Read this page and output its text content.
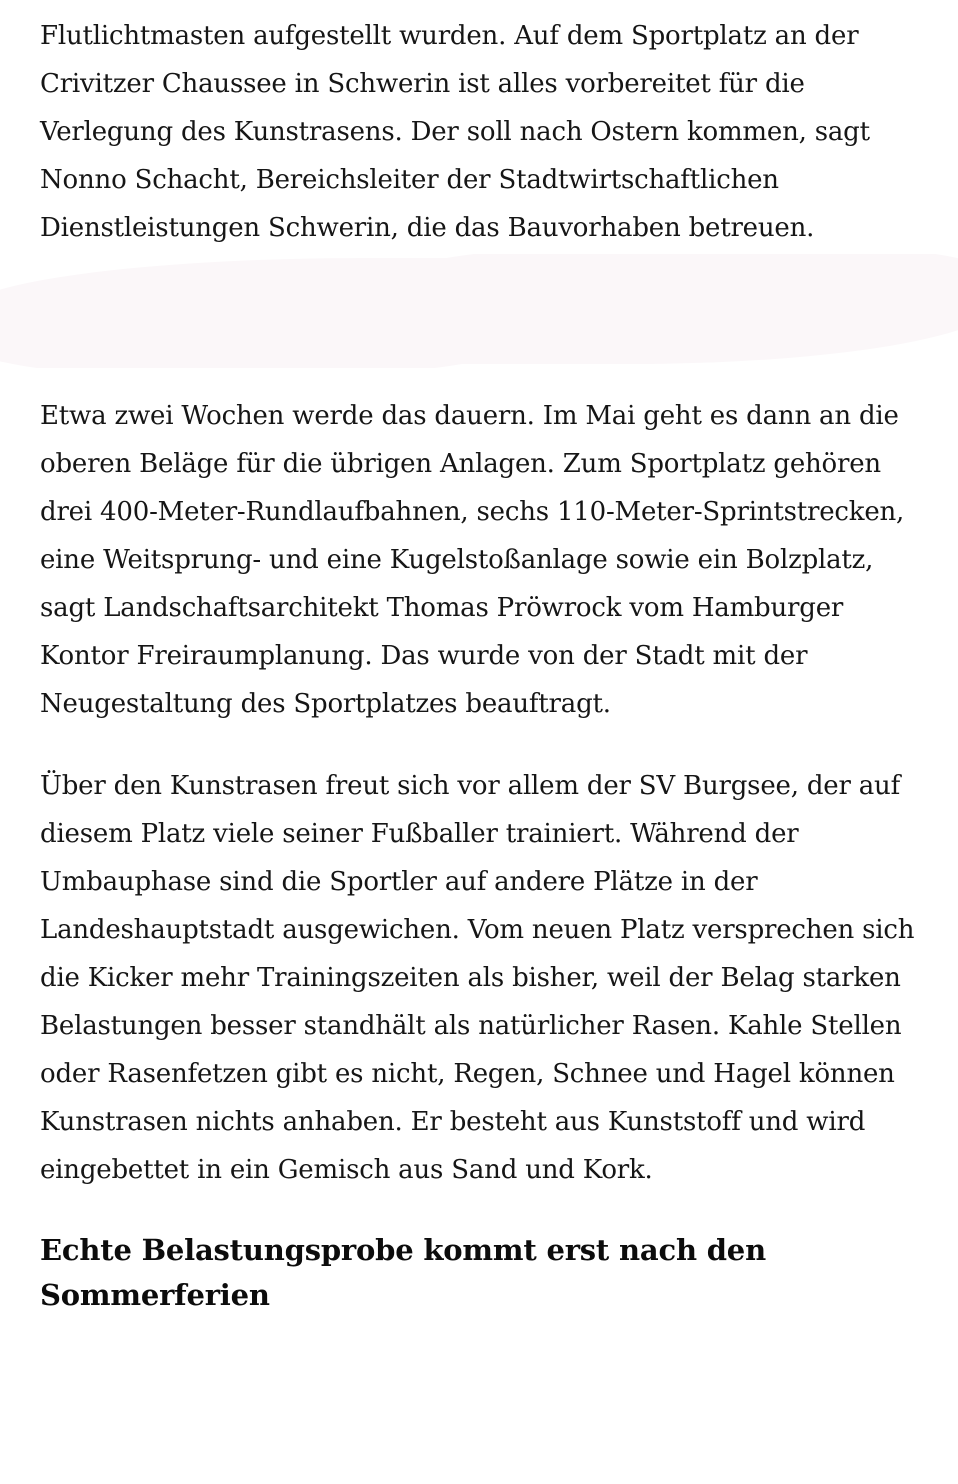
Flutlichtmasten aufgestellt wurden. Auf dem Sportplatz an der Crivitzer Chaussee in Schwerin ist alles vorbereitet für die Verlegung des Kunstrasens. Der soll nach Ostern kommen, sagt Nonno Schacht, Bereichsleiter der Stadtwirtschaftlichen Dienstleistungen Schwerin, die das Bauvorhaben betreuen.

Etwa zwei Wochen werde das dauern. Im Mai geht es dann an die oberen Beläge für die übrigen Anlagen. Zum Sportplatz gehören drei 400-Meter-Rundlaufbahnen, sechs 110-Meter-Sprintstrecken, eine Weitsprung- und eine Kugelstoßanlage sowie ein Bolzplatz, sagt Landschaftsarchitekt Thomas Pröwrock vom Hamburger Kontor Freiraumplanung. Das wurde von der Stadt mit der Neugestaltung des Sportplatzes beauftragt.

Über den Kunstrasen freut sich vor allem der SV Burgsee, der auf diesem Platz viele seiner Fußballer trainiert. Während der Umbauphase sind die Sportler auf andere Plätze in der Landeshauptstadt ausgewichen. Vom neuen Platz versprechen sich die Kicker mehr Trainingszeiten als bisher, weil der Belag starken Belastungen besser standhält als natürlicher Rasen. Kahle Stellen oder Rasenfetzen gibt es nicht, Regen, Schnee und Hagel können Kunstrasen nichts anhaben. Er besteht aus Kunststoff und wird eingebettet in ein Gemisch aus Sand und Kork.

Echte Belastungsprobe kommt erst nach den Sommerferien
